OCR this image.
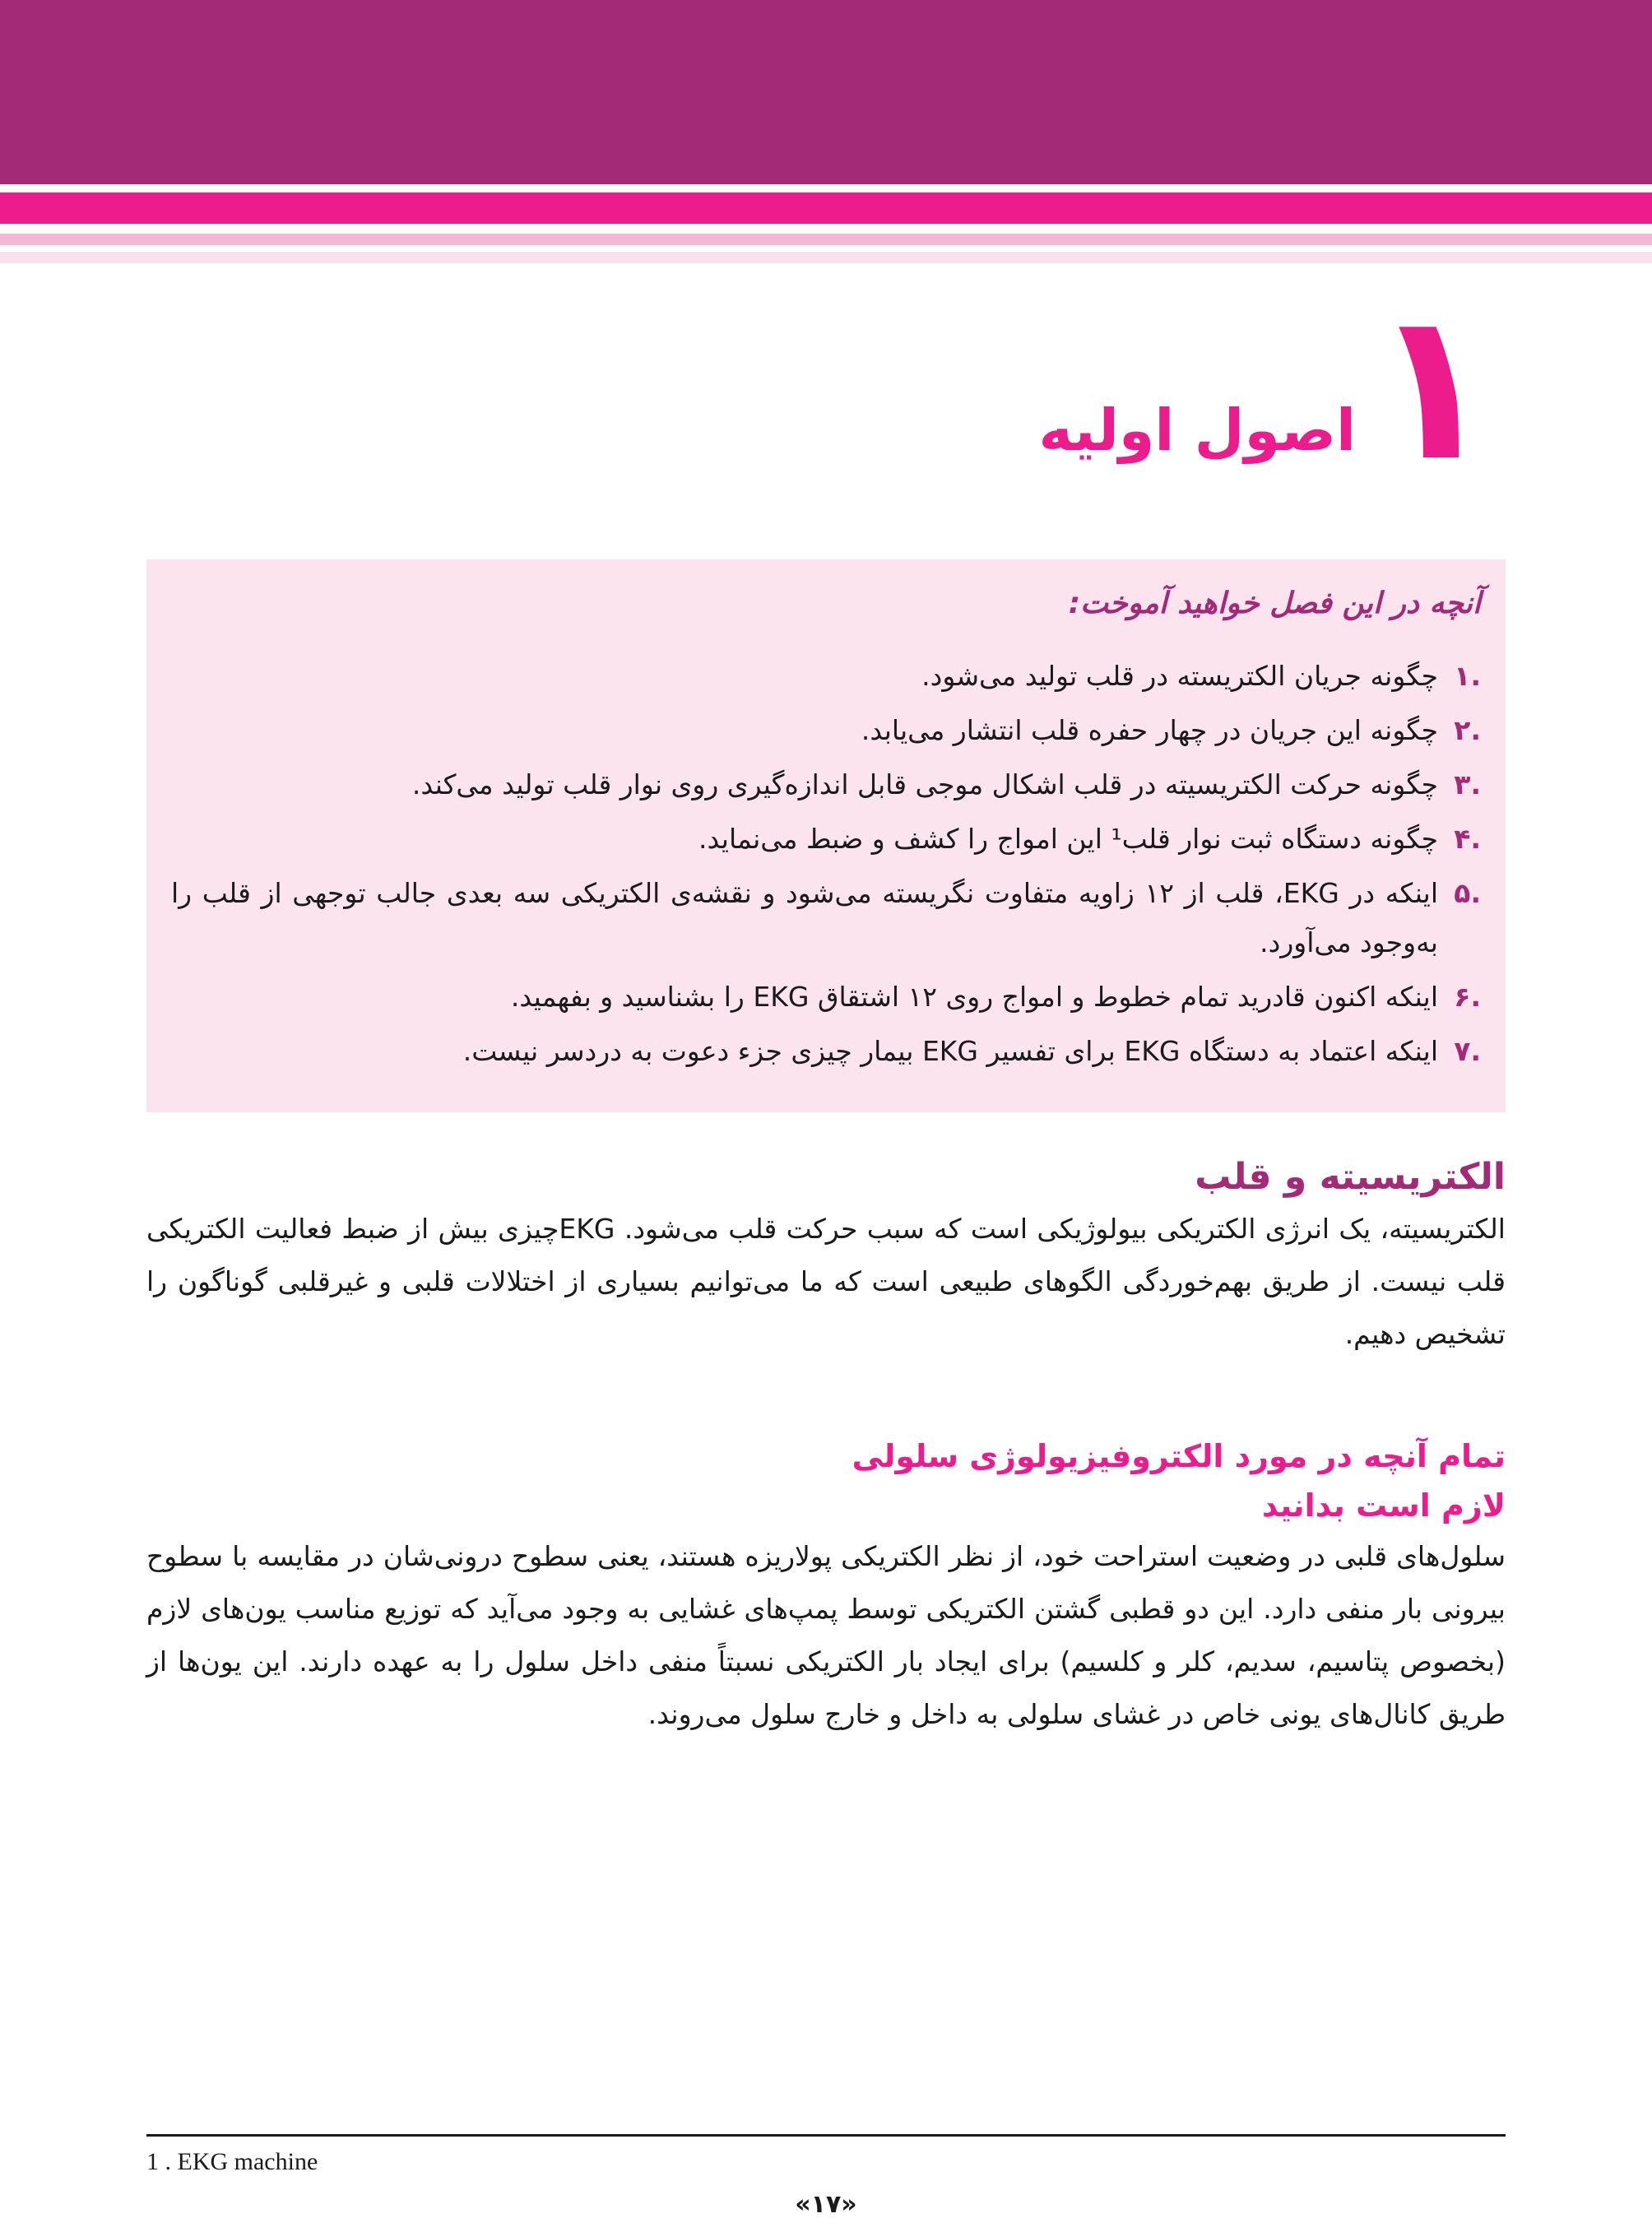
۱
اصول اولیه
آنچه در این فصل خواهید آموخت:
.۱
چگونه جریان الکتریسته در قلب تولید می‌شود.
.۲
چگونه این جریان در چهار حفره قلب انتشار می‌یابد.
.۳
چگونه حرکت الکتریسیته در قلب اشکال موجی قابل اندازه‌گیری روی نوار قلب تولید می‌کند.
.۴
چگونه دستگاه ثبت نوار قلب¹ این امواج را کشف و ضبط می‌نماید.
.۵
اینکه در EKG، قلب از ۱۲ زاویه متفاوت نگریسته می‌شود و نقشه‌ی الکتریکی سه بعدی جالب توجهی از قلب را به‌وجود می‌آورد.
.۶
اینکه اکنون قادرید تمام خطوط و امواج روی ۱۲ اشتقاق EKG را بشناسید و بفهمید.
.۷
اینکه اعتماد به دستگاه EKG برای تفسیر EKG بیمار چیزی جزء دعوت به دردسر نیست.
الکتریسیته و قلب

الکتریسیته، یک انرژی الکتریکی بیولوژیکی است که سبب حرکت قلب می‌شود. EKGچیزی بیش از ضبط فعالیت الکتریکی قلب نیست. از طریق بهم‌خوردگی الگوهای طبیعی است که ما می‌توانیم بسیاری از اختلالات قلبی و غیرقلبی گوناگون را تشخیص دهیم.

تمام آنچه در مورد الکتروفیزیولوژی سلولی
لازم است بدانید

سلول‌های قلبی در وضعیت استراحت خود، از نظر الکتریکی پولاریزه هستند، یعنی سطوح درونی‌شان در مقایسه با سطوح بیرونی بار منفی دارد. این دو قطبی گشتن الکتریکی توسط پمپ‌های غشایی به وجود می‌آید که توزیع مناسب یون‌های لازم (بخصوص پتاسیم، سدیم، کلر و کلسیم) برای ایجاد بار الکتریکی نسبتاً منفی داخل سلول را به عهده دارند. این یون‌ها از طریق کانال‌های یونی خاص در غشای سلولی به داخل و خارج سلول می‌روند.

1 . EKG machine
«۱۷»
